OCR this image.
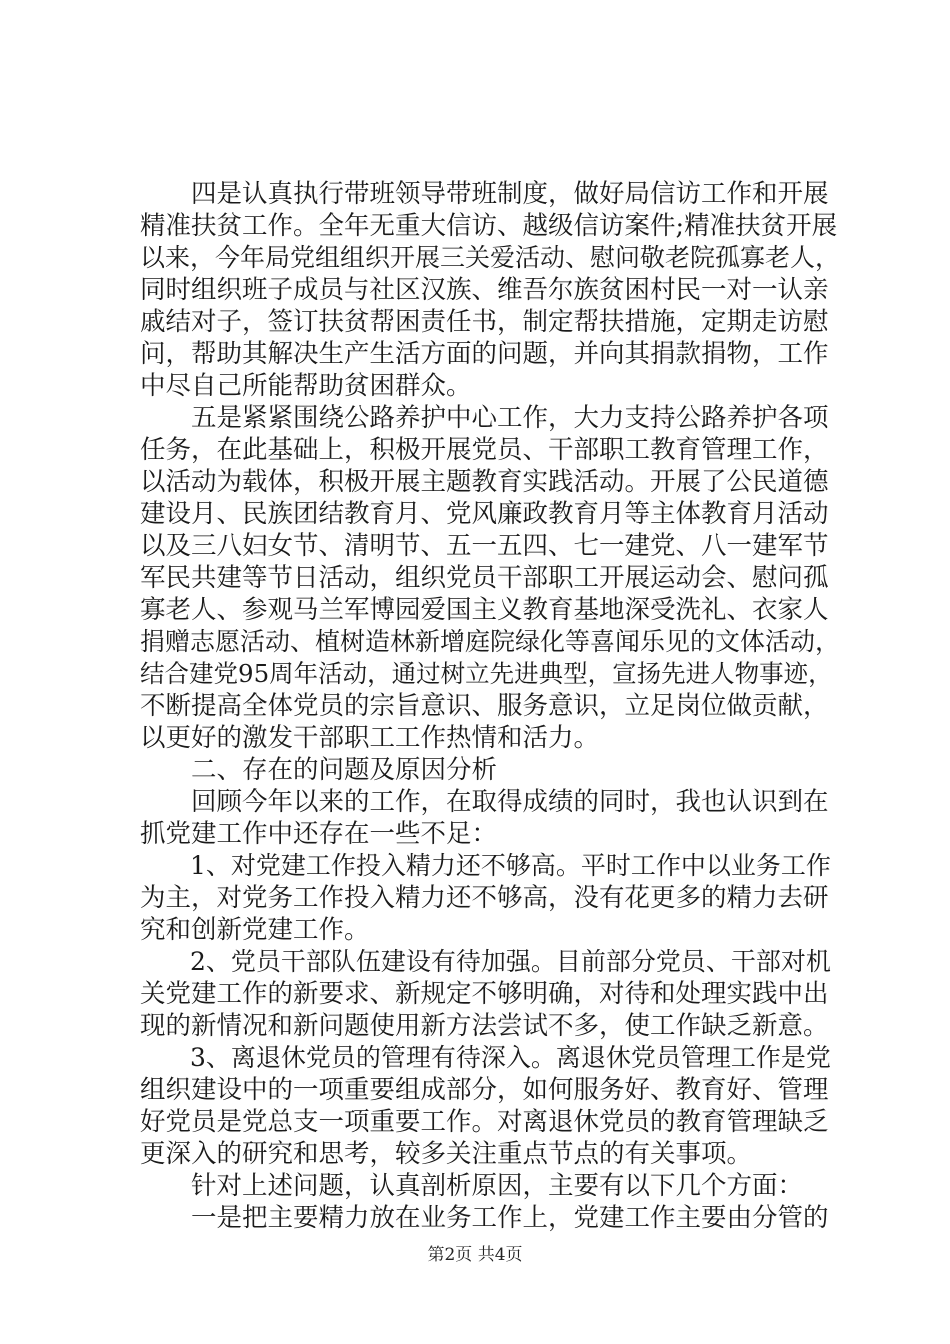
　　四是认真执行带班领导带班制度，做好局信访工作和开展
精准扶贫工作。全年无重大信访、越级信访案件;精准扶贫开展
以来，今年局党组组织开展三关爱活动、慰问敬老院孤寡老人，
同时组织班子成员与社区汉族、维吾尔族贫困村民一对一认亲
戚结对子，签订扶贫帮困责任书，制定帮扶措施，定期走访慰
问，帮助其解决生产生活方面的问题，并向其捐款捐物，工作
中尽自己所能帮助贫困群众。
　　五是紧紧围绕公路养护中心工作，大力支持公路养护各项
任务，在此基础上，积极开展党员、干部职工教育管理工作，
以活动为载体，积极开展主题教育实践活动。开展了公民道德
建设月、民族团结教育月、党风廉政教育月等主体教育月活动
以及三八妇女节、清明节、五一五四、七一建党、八一建军节
军民共建等节日活动，组织党员干部职工开展运动会、慰问孤
寡老人、参观马兰军博园爱国主义教育基地深受洗礼、衣家人
捐赠志愿活动、植树造林新增庭院绿化等喜闻乐见的文体活动，
结合建党95周年活动，通过树立先进典型，宣扬先进人物事迹，
不断提高全体党员的宗旨意识、服务意识，立足岗位做贡献，
以更好的激发干部职工工作热情和活力。
　　二、存在的问题及原因分析
　　回顾今年以来的工作，在取得成绩的同时，我也认识到在
抓党建工作中还存在一些不足：
　　1、对党建工作投入精力还不够高。平时工作中以业务工作
为主，对党务工作投入精力还不够高，没有花更多的精力去研
究和创新党建工作。
　　2、党员干部队伍建设有待加强。目前部分党员、干部对机
关党建工作的新要求、新规定不够明确，对待和处理实践中出
现的新情况和新问题使用新方法尝试不多，使工作缺乏新意。
　　3、离退休党员的管理有待深入。离退休党员管理工作是党
组织建设中的一项重要组成部分，如何服务好、教育好、管理
好党员是党总支一项重要工作。对离退休党员的教育管理缺乏
更深入的研究和思考，较多关注重点节点的有关事项。
　　针对上述问题，认真剖析原因，主要有以下几个方面：
　　一是把主要精力放在业务工作上，党建工作主要由分管的
第2页 共4页
